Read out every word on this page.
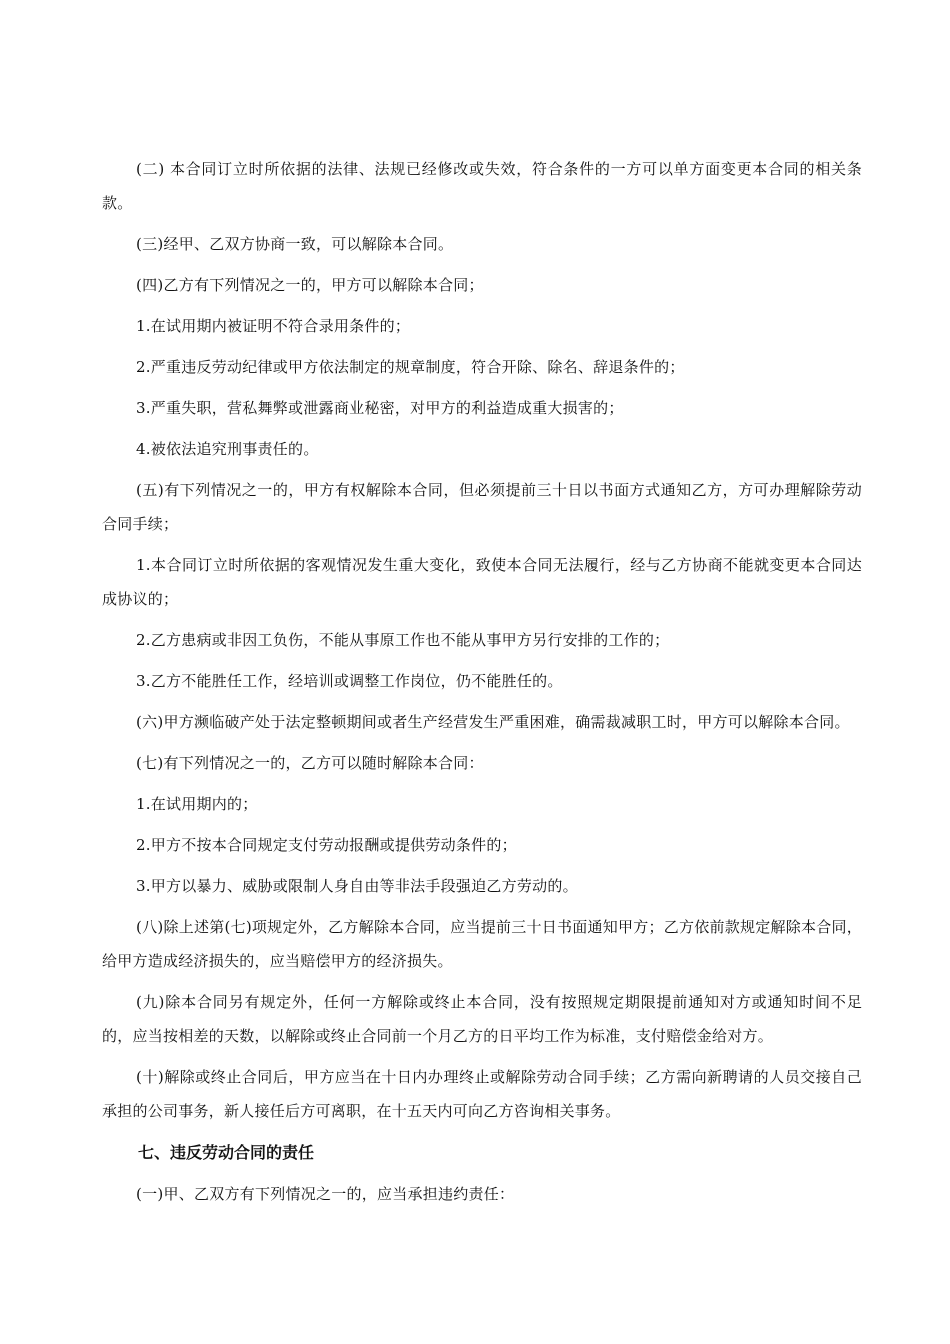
(二) 本合同订立时所依据的法律、法规已经修改或失效，符合条件的一方可以单方面变更本合同的相关条款。

(三)经甲、乙双方协商一致，可以解除本合同。

(四)乙方有下列情况之一的，甲方可以解除本合同；

1.在试用期内被证明不符合录用条件的；

2.严重违反劳动纪律或甲方依法制定的规章制度，符合开除、除名、辞退条件的；

3.严重失职，营私舞弊或泄露商业秘密，对甲方的利益造成重大损害的；

4.被依法追究刑事责任的。

(五)有下列情况之一的，甲方有权解除本合同，但必须提前三十日以书面方式通知乙方，方可办理解除劳动合同手续；

1.本合同订立时所依据的客观情况发生重大变化，致使本合同无法履行，经与乙方协商不能就变更本合同达成协议的；

2.乙方患病或非因工负伤，不能从事原工作也不能从事甲方另行安排的工作的；

3.乙方不能胜任工作，经培训或调整工作岗位，仍不能胜任的。

(六)甲方濒临破产处于法定整顿期间或者生产经营发生严重困难，确需裁减职工时，甲方可以解除本合同。

(七)有下列情况之一的，乙方可以随时解除本合同：

1.在试用期内的；

2.甲方不按本合同规定支付劳动报酬或提供劳动条件的；

3.甲方以暴力、威胁或限制人身自由等非法手段强迫乙方劳动的。

(八)除上述第(七)项规定外，乙方解除本合同，应当提前三十日书面通知甲方；乙方依前款规定解除本合同，给甲方造成经济损失的，应当赔偿甲方的经济损失。

(九)除本合同另有规定外，任何一方解除或终止本合同，没有按照规定期限提前通知对方或通知时间不足的，应当按相差的天数，以解除或终止合同前一个月乙方的日平均工作为标准，支付赔偿金给对方。

(十)解除或终止合同后，甲方应当在十日内办理终止或解除劳动合同手续；乙方需向新聘请的人员交接自己承担的公司事务，新人接任后方可离职，在十五天内可向乙方咨询相关事务。

七、违反劳动合同的责任

(一)甲、乙双方有下列情况之一的，应当承担违约责任：
